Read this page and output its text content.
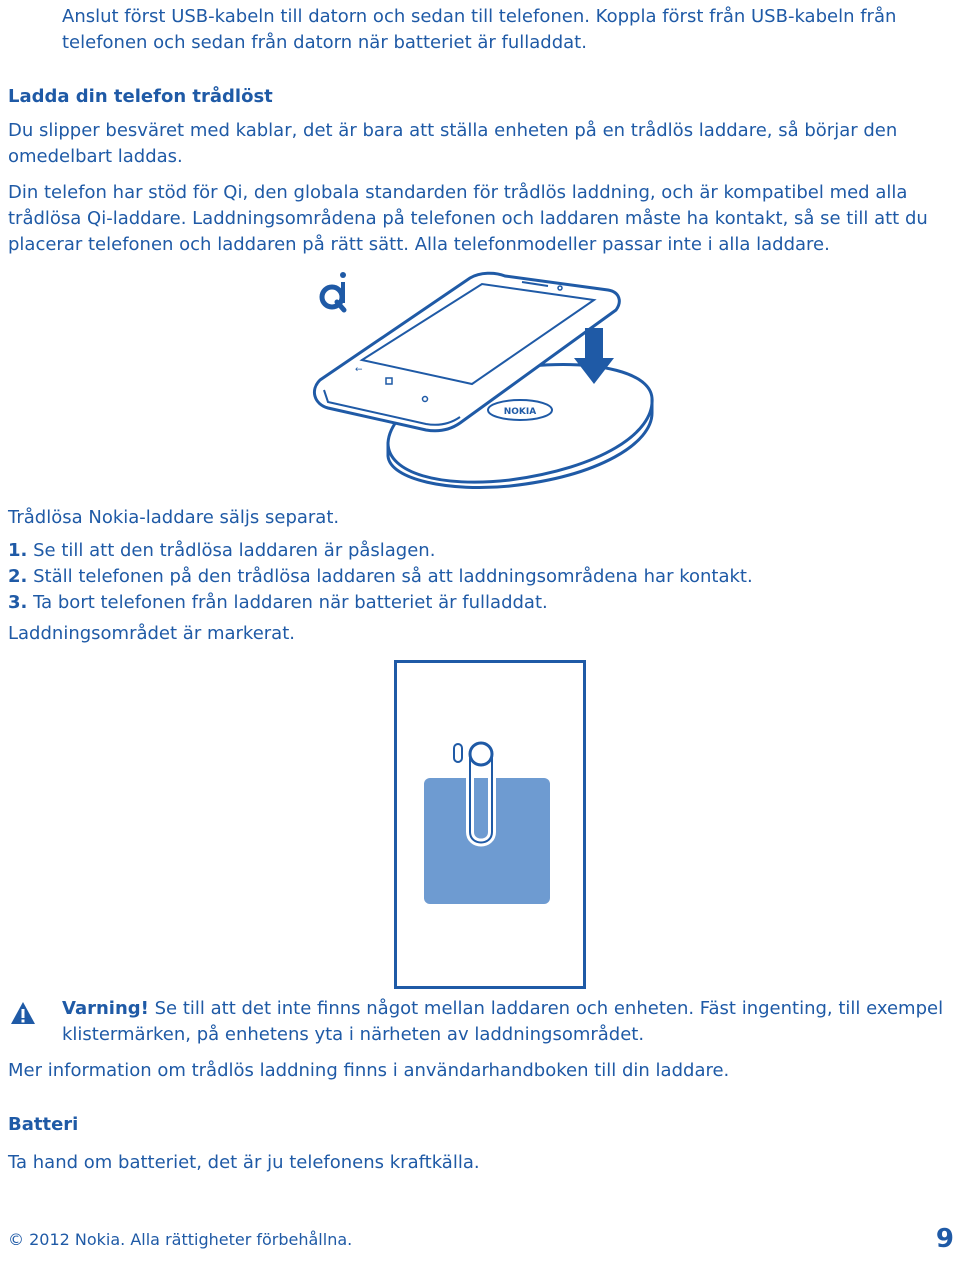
Anslut först USB-kabeln till datorn och sedan till telefonen. Koppla först från USB-kabeln från telefonen och sedan från datorn när batteriet är fulladdat.

Ladda din telefon trådlöst

Du slipper besväret med kablar, det är bara att ställa enheten på en trådlös laddare, så börjar den omedelbart laddas.

Din telefon har stöd för Qi, den globala standarden för trådlös laddning, och är kompatibel med alla trådlösa Qi-laddare. Laddningsområdena på telefonen och laddaren måste ha kontakt, så se till att du placerar telefonen och laddaren på rätt sätt. Alla telefonmodeller passar inte i alla laddare.

NOKIA
←

Trådlösa Nokia-laddare säljs separat.

1. Se till att den trådlösa laddaren är påslagen.
2. Ställ telefonen på den trådlösa laddaren så att laddningsområdena har kontakt.
3. Ta bort telefonen från laddaren när batteriet är fulladdat.

Laddningsområdet är markerat.

Varning! Se till att det inte finns något mellan laddaren och enheten. Fäst ingenting, till exempel klistermärken, på enhetens yta i närheten av laddningsområdet.

Mer information om trådlös laddning finns i användarhandboken till din laddare.

Batteri

Ta hand om batteriet, det är ju telefonens kraftkälla.

© 2012 Nokia. Alla rättigheter förbehållna.	9
